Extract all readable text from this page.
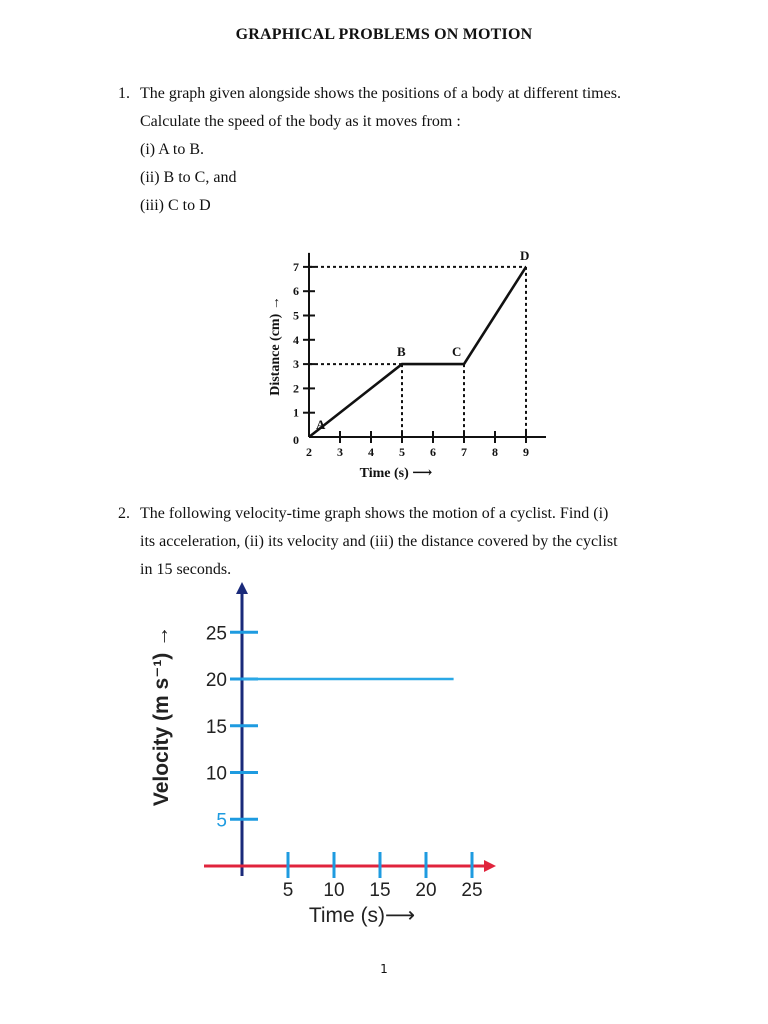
GRAPHICAL PROBLEMS ON MOTION
1. The graph given alongside shows the positions of a body at different times.
Calculate the speed of the body as it moves from :
(i) A to B.
(ii) B to C, and
(iii) C to D
1
2
3
4
5
6
7
0
2 3 4 5 6 7 8 9
A
B	C
D
Time (s) ⟶
Distance (cm) →
2. The following velocity-time graph shows the motion of a cyclist. Find (i)
its acceleration, (ii) its velocity and (iii) the distance covered by the cyclist
in 15 seconds.
5
10
15
20
25
5 10 15 20 25
Time (s)⟶
Velocity (m s⁻¹) →
1
